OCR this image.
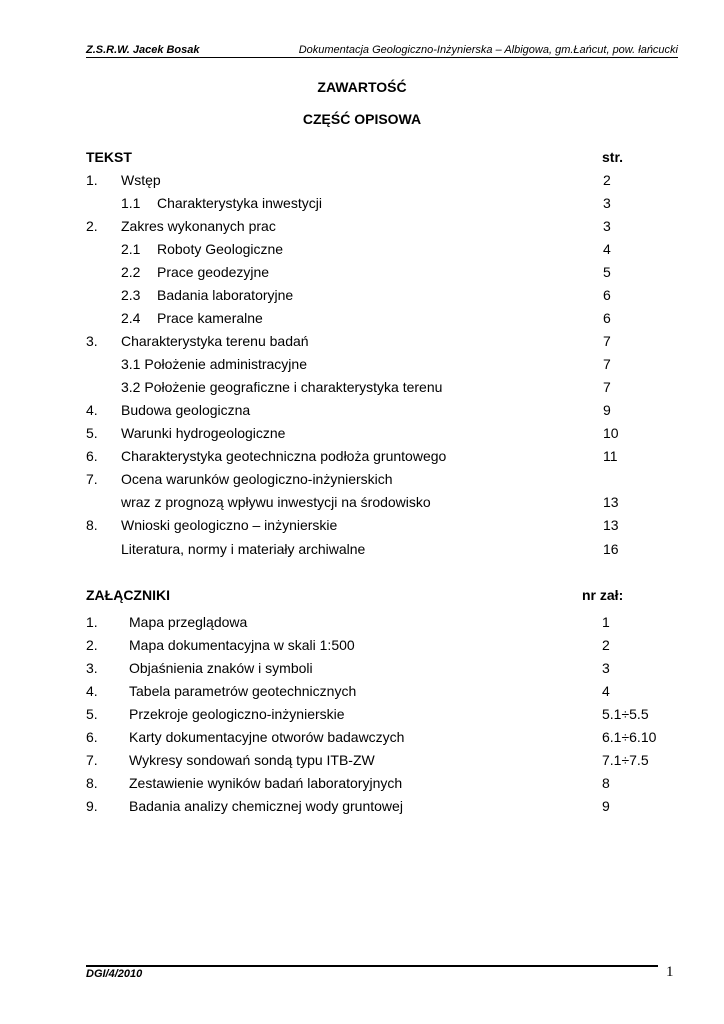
Z.S.R.W. Jacek Bosak	Dokumentacja Geologiczno-Inżynierska – Albigowa, gm.Łańcut, pow. łańcucki
ZAWARTOŚĆ
CZĘŚĆ OPISOWA
TEKST	str.
1. Wstęp	2
1.1 Charakterystyka inwestycji	3
2. Zakres wykonanych prac	3
2.1 Roboty Geologiczne	4
2.2 Prace geodezyjne	5
2.3 Badania laboratoryjne	6
2.4 Prace kameralne	6
3. Charakterystyka terenu badań	7
3.1 Położenie administracyjne	7
3.2 Położenie geograficzne i charakterystyka terenu	7
4. Budowa geologiczna	9
5. Warunki hydrogeologiczne	10
6. Charakterystyka geotechniczna podłoża gruntowego	11
7. Ocena warunków geologiczno-inżynierskich
wraz z prognozą wpływu inwestycji na środowisko	13
8. Wnioski geologiczno – inżynierskie	13
Literatura, normy i materiały archiwalne	16
ZAŁĄCZNIKI	nr zał:
1. Mapa przeglądowa	1
2. Mapa dokumentacyjna w skali 1:500	2
3. Objaśnienia znaków i symboli	3
4. Tabela parametrów geotechnicznych	4
5. Przekroje geologiczno-inżynierskie	5.1÷5.5
6. Karty dokumentacyjne otworów badawczych	6.1÷6.10
7. Wykresy sondowań sondą typu ITB-ZW	7.1÷7.5
8. Zestawienie wyników badań laboratoryjnych	8
9. Badania analizy chemicznej wody gruntowej	9
DGI/4/2010	1
